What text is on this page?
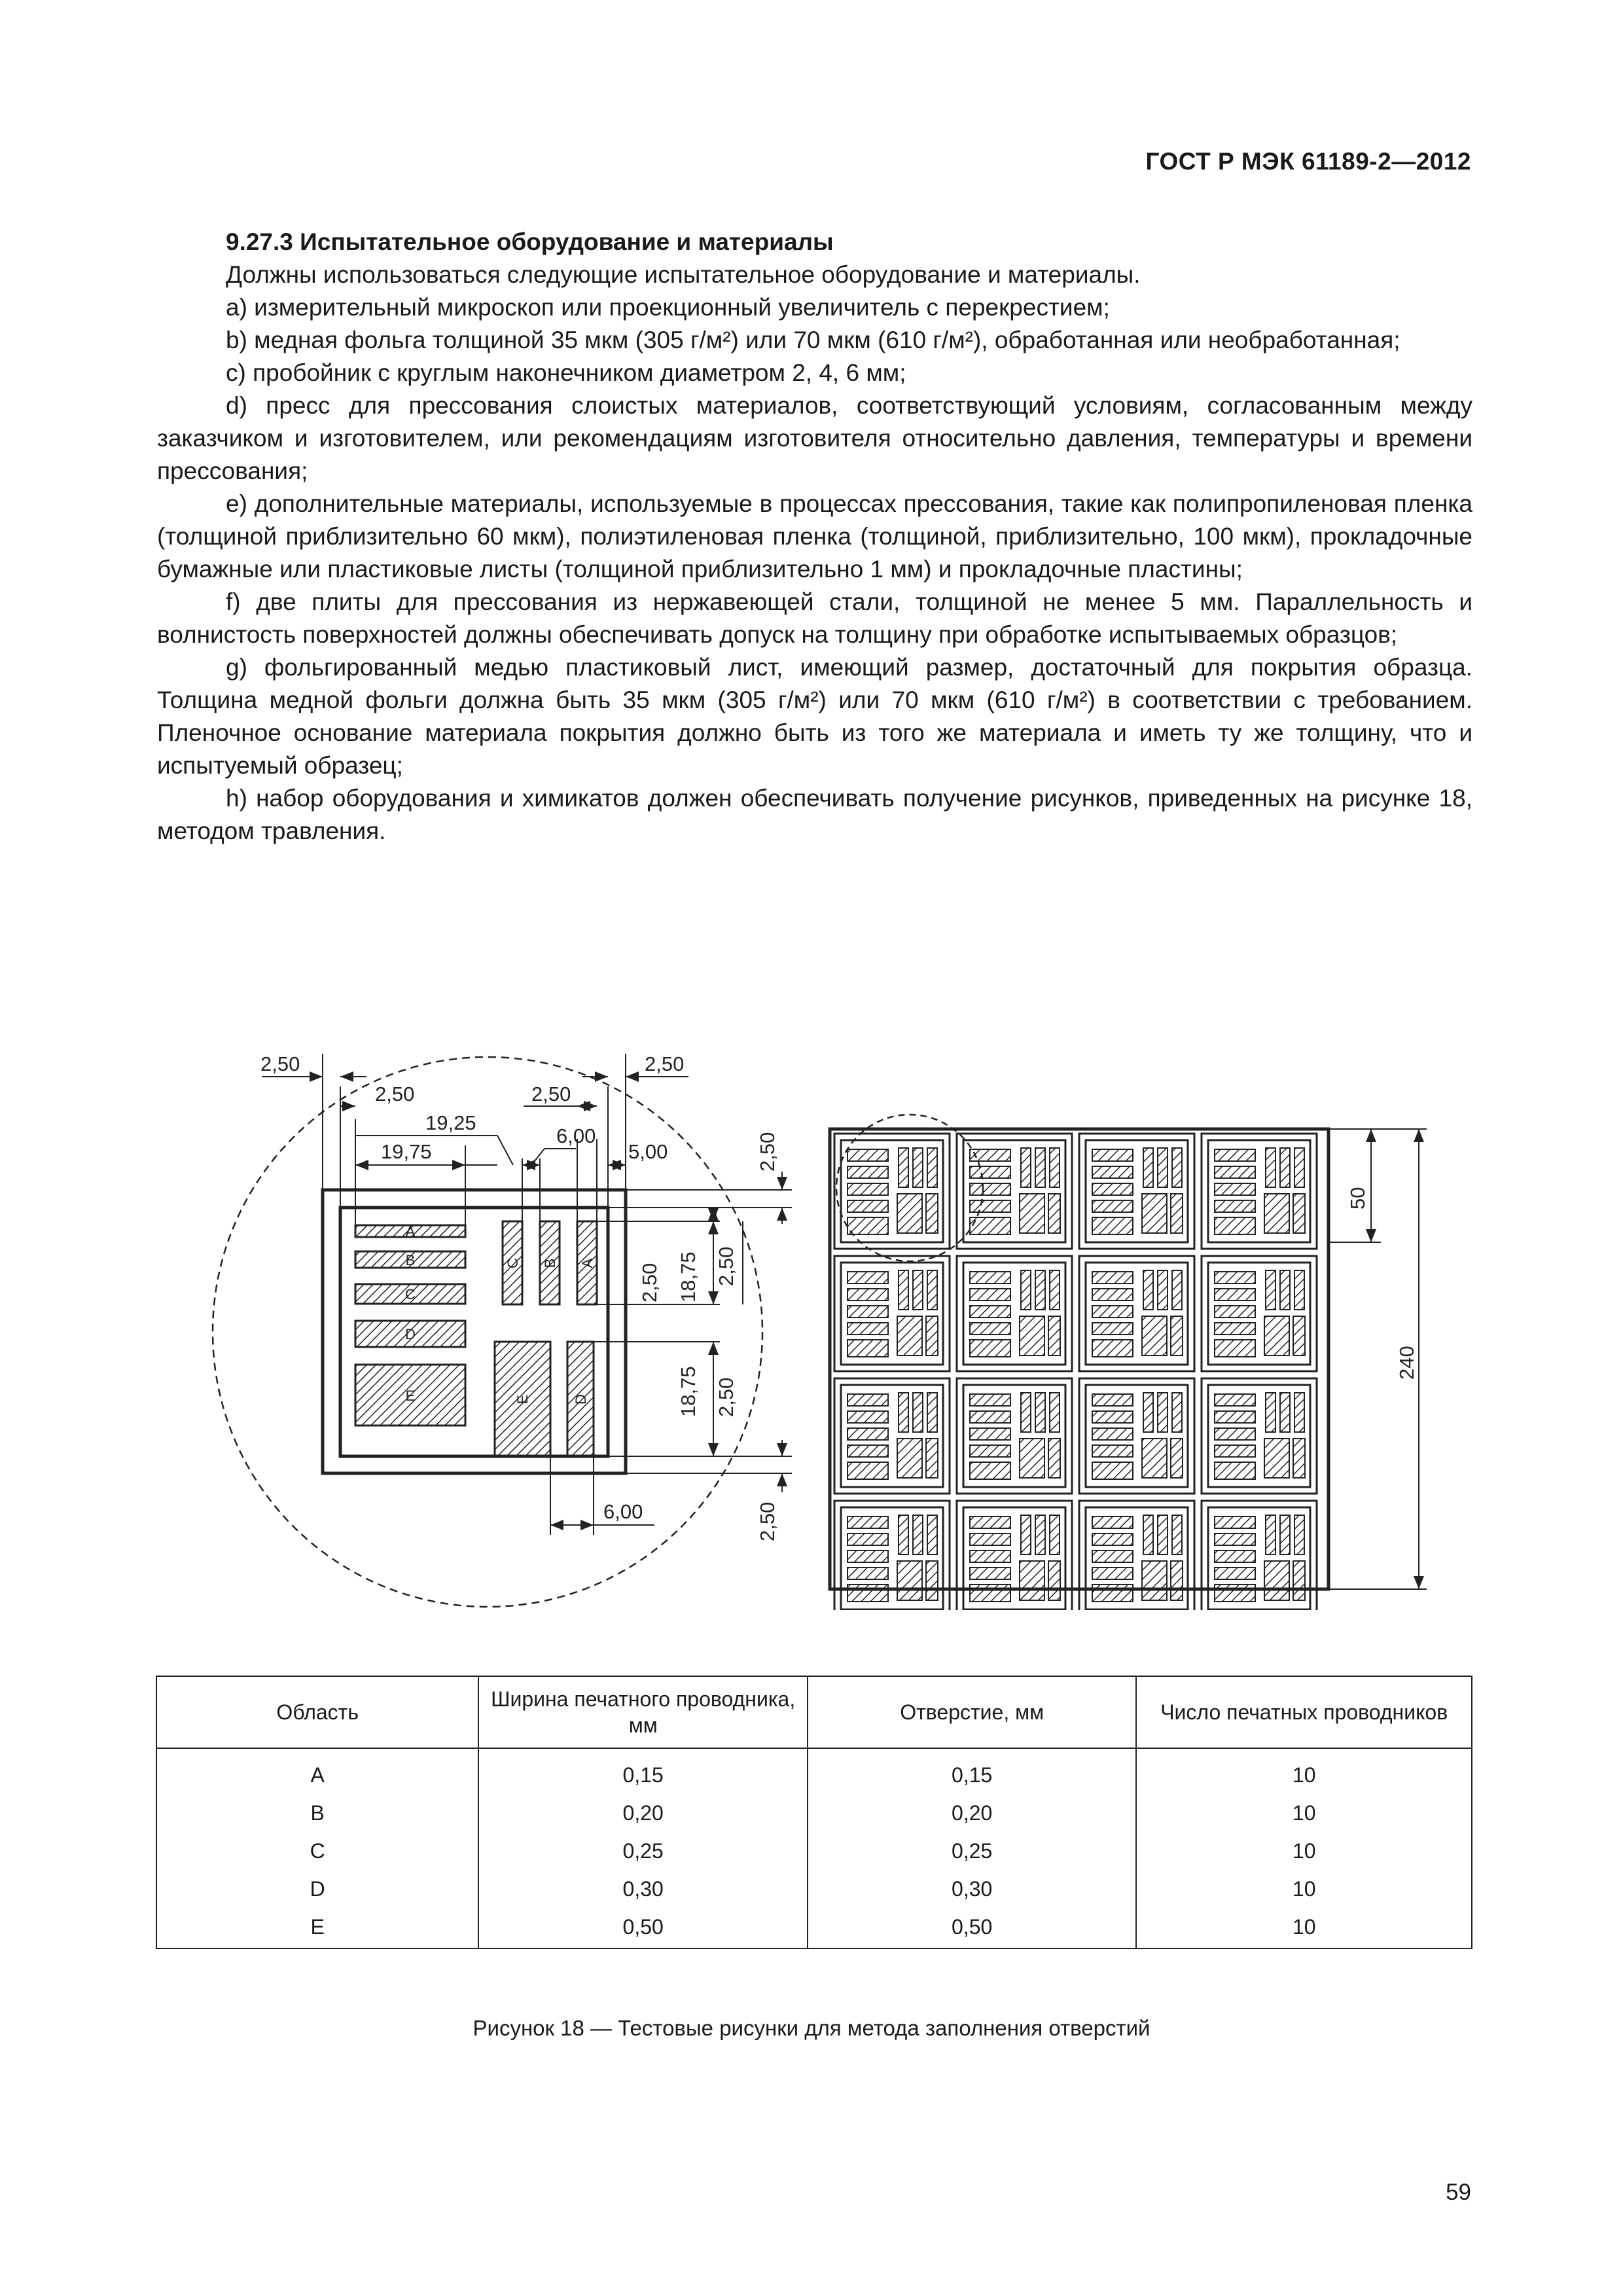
ГОСТ Р МЭК 61189-2—2012

9.27.3 Испытательное оборудование и материалы

Должны использоваться следующие испытательное оборудование и материалы.

a) измерительный микроскоп или проекционный увеличитель с перекрестием;

b) медная фольга толщиной 35 мкм (305 г/м²) или 70 мкм (610 г/м²), обработанная или необработанная;

c) пробойник с круглым наконечником диаметром 2, 4, 6 мм;

d) пресс для прессования слоистых материалов, соответствующий условиям, согласованным между заказчиком и изготовителем, или рекомендациям изготовителя относительно давления, температуры и времени прессования;

e) дополнительные материалы, используемые в процессах прессования, такие как полипропиленовая пленка (толщиной приблизительно 60 мкм), полиэтиленовая пленка (толщиной, приблизительно, 100 мкм), прокладочные бумажные или пластиковые листы (толщиной приблизительно 1 мм) и прокладочные пластины;

f) две плиты для прессования из нержавеющей стали, толщиной не менее 5 мм. Параллельность и волнистость поверхностей должны обеспечивать допуск на толщину при обработке испытываемых образцов;

g) фольгированный медью пластиковый лист, имеющий размер, достаточный для покрытия образца. Толщина медной фольги должна быть 35 мкм (305 г/м²) или 70 мкм (610 г/м²) в соответствии с требованием. Пленочное основание материала покрытия должно быть из того же материала и иметь ту же толщину, что и испытуемый образец;

h) набор оборудования и химикатов должен обеспечивать получение рисунков, приведенных на рисунке 18, методом травления.

2,50	2,50
2,50	2,50
19,25
19,75
6,00
5,00
6,00
2,50
2,50 18,75 2,50
18,75 2,50
2,50
50
240
A
B
C
D
E
C B A
E	D
Область	Ширина печатного проводника, мм	Отверстие, мм	Число печатных проводников
A	0,15	0,15	10
B	0,20	0,20	10
C	0,25	0,25	10
D	0,30	0,30	10
E	0,50	0,50	10
Рисунок 18 — Тестовые рисунки для метода заполнения отверстий
59
